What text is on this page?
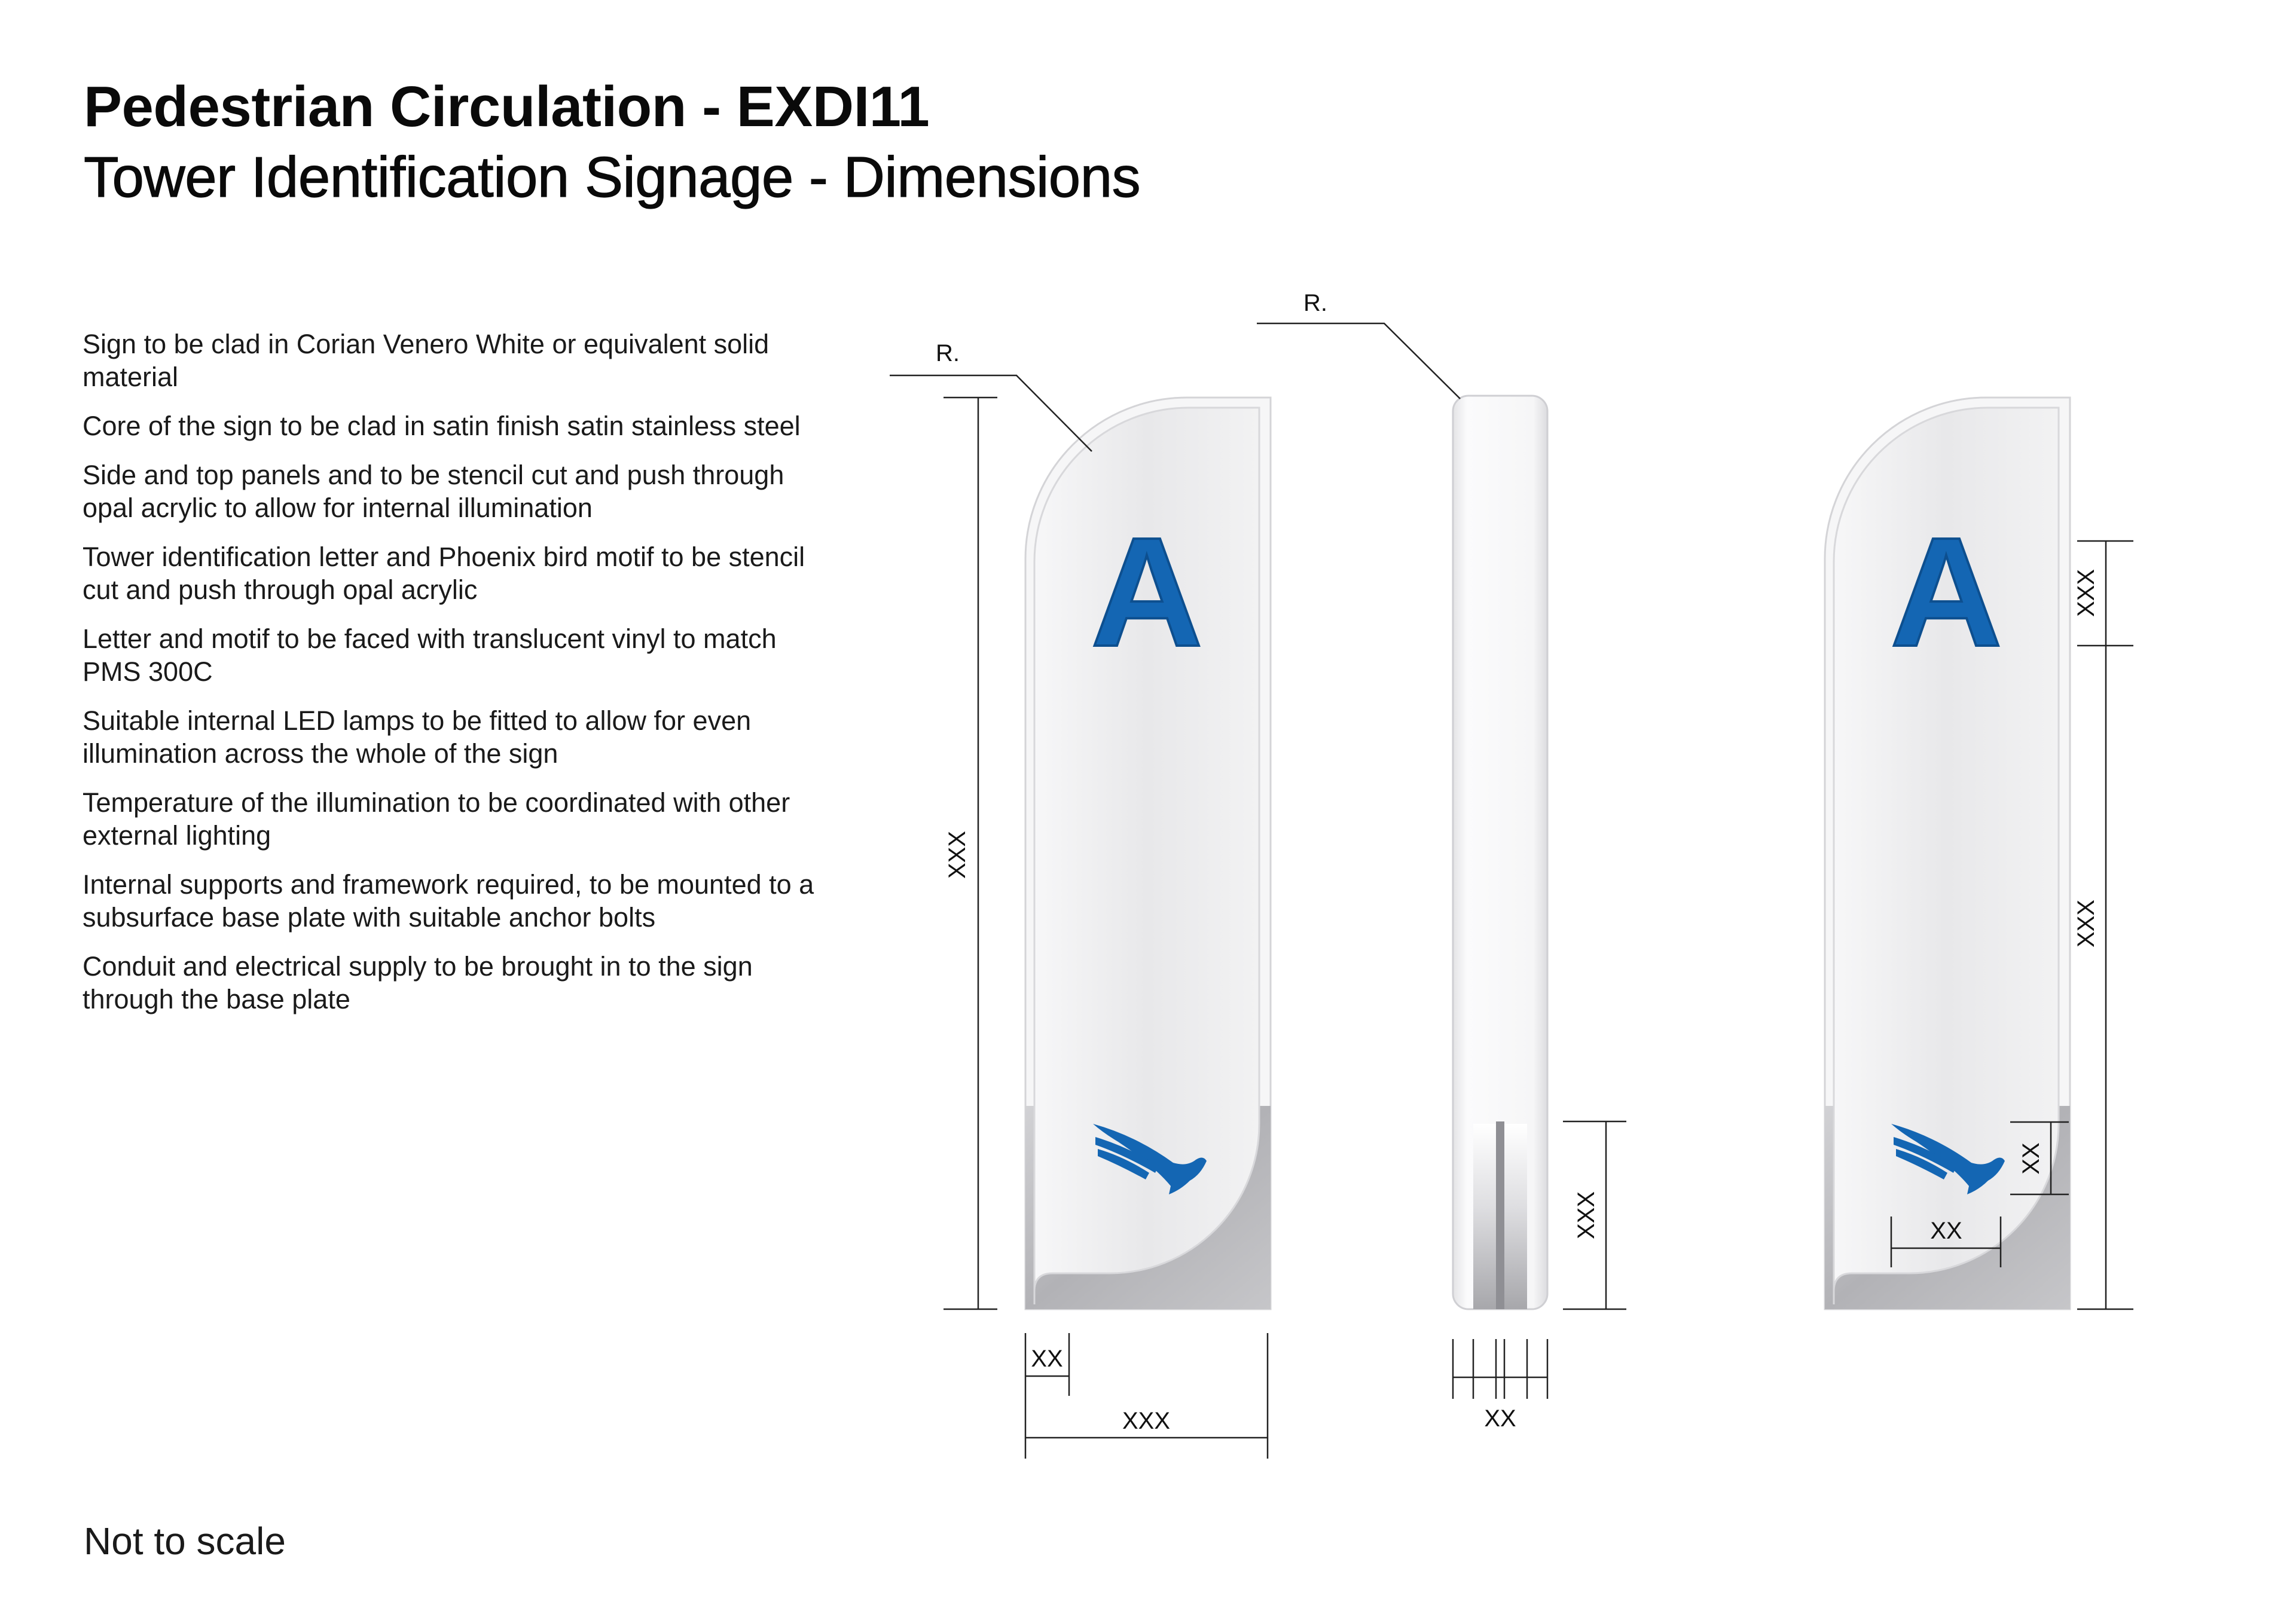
Pedestrian Circulation - EXDI11
Tower Identification Signage - Dimensions
Sign to be clad in Corian Venero White or equivalent solid material
Core of the sign to be clad in satin finish satin stainless steel
Side and top panels and to be stencil cut and push through opal acrylic to allow for internal illumination
Tower identification letter and Phoenix bird motif to be stencil cut and push through opal acrylic
Letter and motif to be faced with translucent vinyl to match PMS 300C
Suitable internal LED lamps to be fitted to allow for even illumination across the whole of the sign
Temperature of the illumination to be coordinated with other external lighting
Internal supports and framework required, to be mounted to a subsurface base plate with suitable anchor bolts
Conduit and electrical supply to be brought in to the sign through the base plate

Not to scale

A
R.
XXX
XX
XXX
R.
XXX
XX
A	XXX
XXX
XX
XX
